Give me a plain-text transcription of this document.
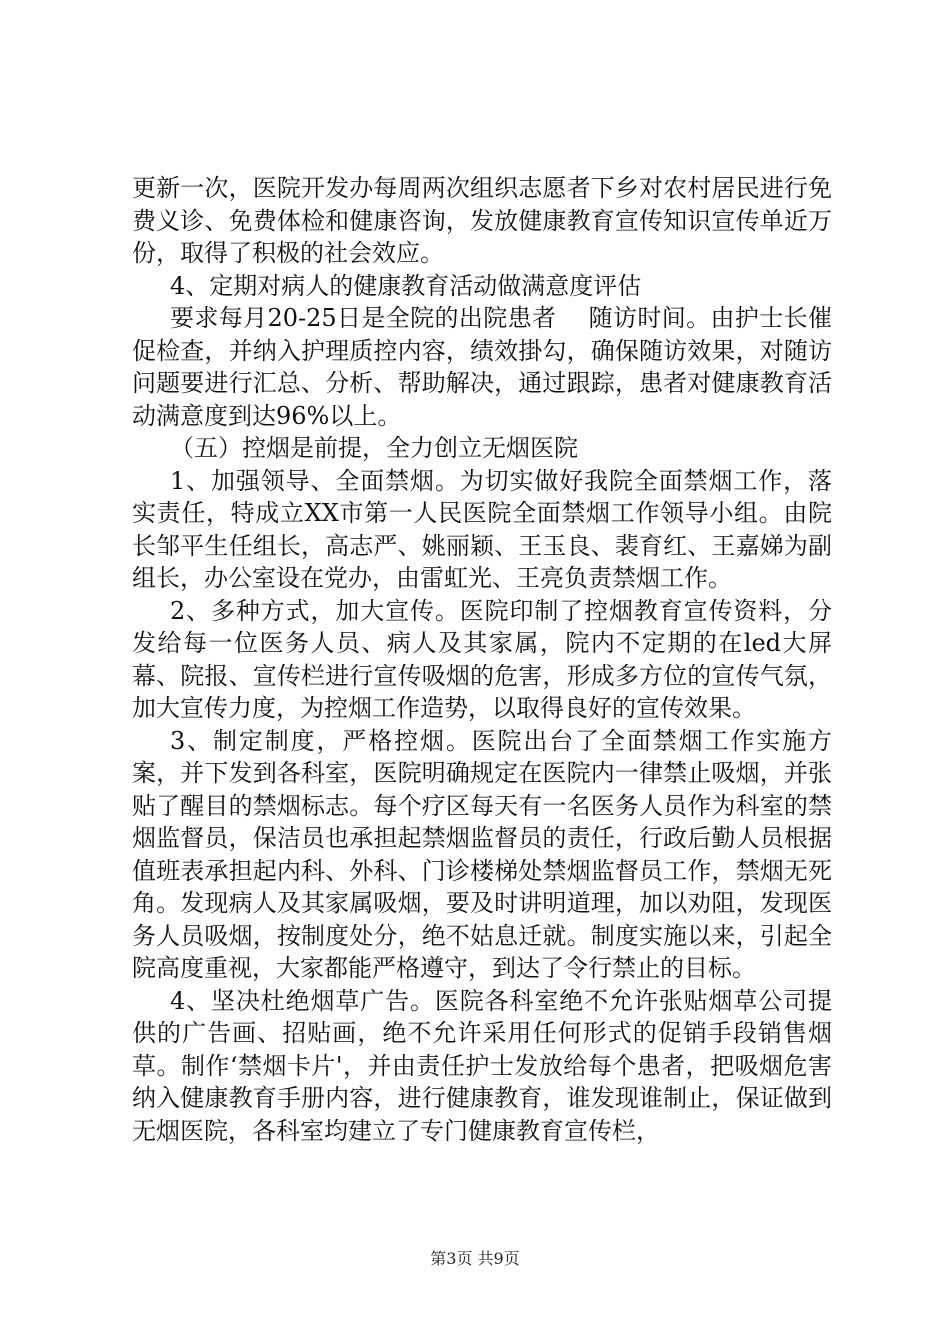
更新一次，医院开发办每周两次组织志愿者下乡对农村居民进行免费义诊、免费体检和健康咨询，发放健康教育宣传知识宣传单近万份，取得了积极的社会效应。

4、定期对病人的健康教育活动做满意度评估

要求每月20-25日是全院的出院患者　 随访时间。由护士长催促检查，并纳入护理质控内容，绩效掛勾，确保随访效果，对随访问题要进行汇总、分析、帮助解决，通过跟踪，患者对健康教育活动满意度到达96%以上。

（五）控烟是前提，全力创立无烟医院

1、加强领导、全面禁烟。为切实做好我院全面禁烟工作，落实责任，特成立XX市第一人民医院全面禁烟工作领导小组。由院长邹平生任组长，高志严、姚丽颖、王玉良、裴育红、王嘉娣为副组长，办公室设在党办，由雷虹光、王亮负责禁烟工作。

2、多种方式，加大宣传。医院印制了控烟教育宣传资料，分发给每一位医务人员、病人及其家属，院内不定期的在led大屏幕、院报、宣传栏进行宣传吸烟的危害，形成多方位的宣传气氛，加大宣传力度，为控烟工作造势，以取得良好的宣传效果。

3、制定制度，严格控烟。医院出台了全面禁烟工作实施方案，并下发到各科室，医院明确规定在医院内一律禁止吸烟，并张贴了醒目的禁烟标志。每个疗区每天有一名医务人员作为科室的禁烟监督员，保洁员也承担起禁烟监督员的责任，行政后勤人员根据值班表承担起内科、外科、门诊楼梯处禁烟监督员工作，禁烟无死角。发现病人及其家属吸烟，要及时讲明道理，加以劝阻，发现医务人员吸烟，按制度处分，绝不姑息迁就。制度实施以来，引起全院高度重视，大家都能严格遵守，到达了令行禁止的目标。

4、坚决杜绝烟草广告。医院各科室绝不允许张贴烟草公司提供的广告画、招贴画，绝不允许采用任何形式的促销手段销售烟草。制作‘禁烟卡片'，并由责任护士发放给每个患者，把吸烟危害纳入健康教育手册内容，进行健康教育，谁发现谁制止，保证做到无烟医院，各科室均建立了专门健康教育宣传栏，

第3页 共9页
